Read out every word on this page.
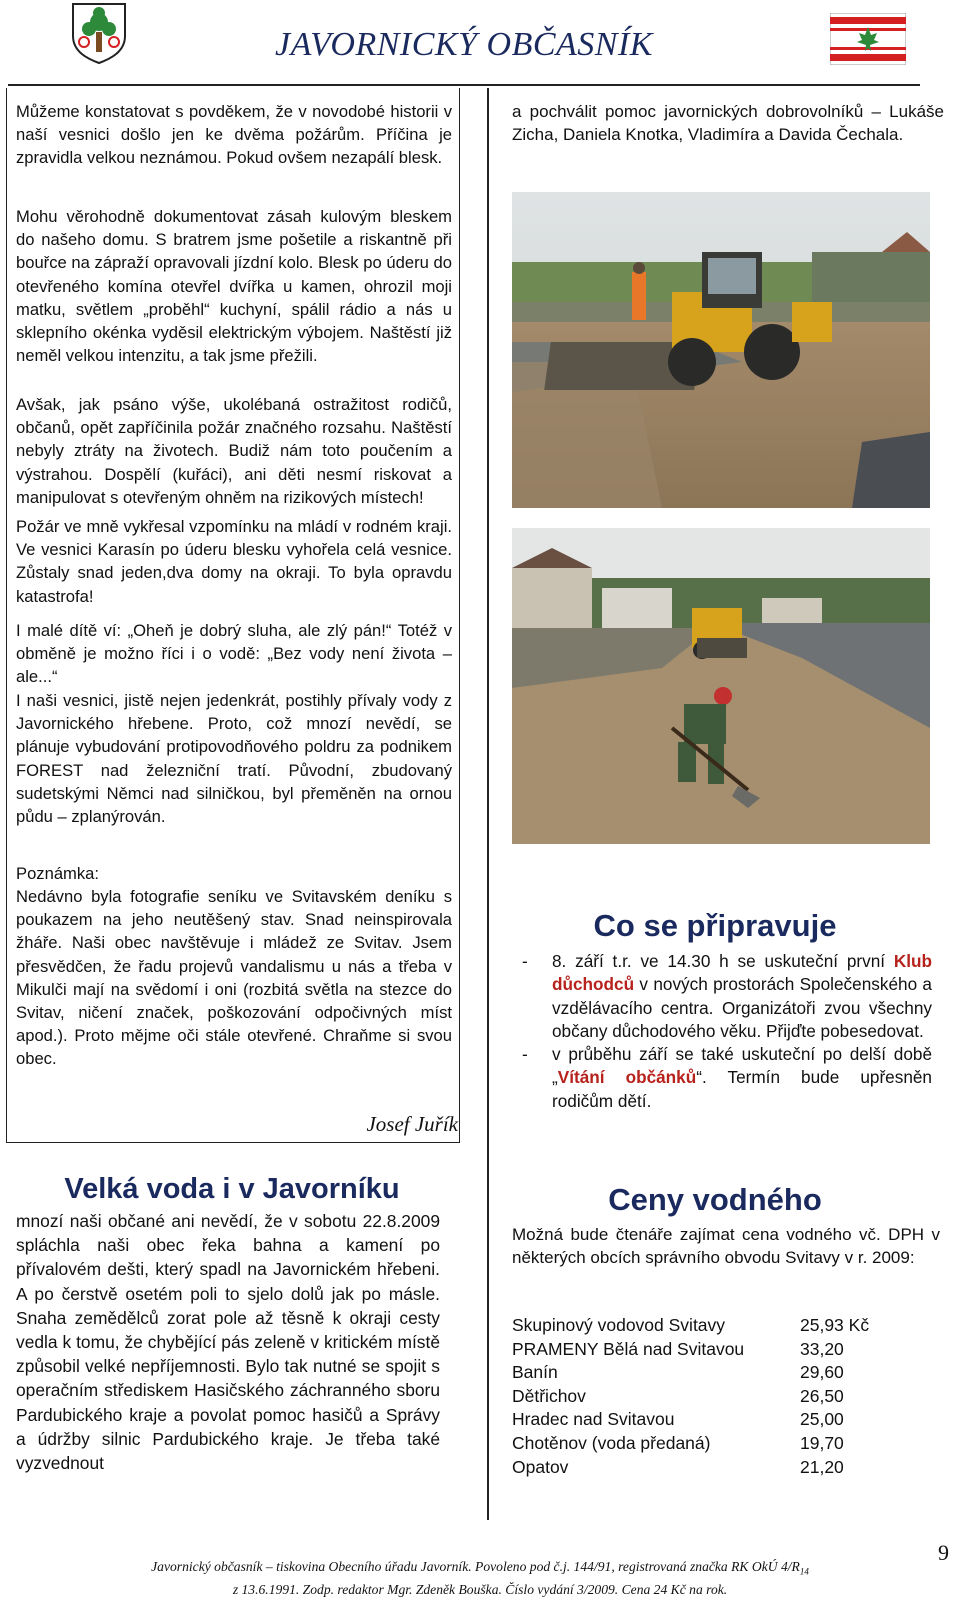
JAVORNICKÝ OBČASNÍK
Můžeme konstatovat s povděkem, že v novodobé historii v naší vesnici došlo jen ke dvěma požárům. Příčina je zpravidla velkou neznámou. Pokud ovšem nezapálí blesk.
Mohu věrohodně dokumentovat zásah kulovým bleskem do našeho domu. S bratrem jsme pošetile a riskantně při bouřce na zápraží opravovali jízdní kolo. Blesk po úderu do otevřeného komína otevřel dvířka u kamen, ohrozil moji matku, světlem „proběhl“ kuchyní, spálil rádio a nás u sklepního okénka vyděsil elektrickým výbojem. Naštěstí již neměl velkou intenzitu, a tak jsme přežili.
Avšak, jak psáno výše, ukolébaná ostražitost rodičů, občanů, opět zapříčinila požár značného rozsahu. Naštěstí nebyly ztráty na životech. Budiž nám toto poučením a výstrahou. Dospělí (kuřáci), ani děti nesmí riskovat a manipulovat s otevřeným ohněm na rizikových místech!
Požár ve mně vykřesal vzpomínku na mládí v rodném kraji. Ve vesnici Karasín po úderu blesku vyhořela celá vesnice. Zůstaly snad jeden,dva domy na okraji. To byla opravdu katastrofa!
I malé dítě ví: „Oheň je dobrý sluha, ale zlý pán!“ Totéž v obměně je možno říci i o vodě: „Bez vody není života – ale...“
I naši vesnici, jistě nejen jedenkrát, postihly přívaly vody z Javornického hřebene. Proto, což mnozí nevědí, se plánuje vybudování protipovodňového poldru za podnikem FOREST nad železniční tratí. Původní, zbudovaný sudetskými Němci nad silničkou, byl přeměněn na ornou půdu – zplanýrován.
Poznámka:
Nedávno byla fotografie seníku ve Svitavském deníku s poukazem na jeho neutěšený stav. Snad neinspirovala žháře. Naši obec navštěvuje i mládež ze Svitav. Jsem přesvědčen, že řadu projevů vandalismu u nás a třeba v Mikulči mají na svědomí i oni (rozbitá světla na stezce do Svitav, ničení značek, poškozování odpočivných míst apod.). Proto mějme oči stále otevřené. Chraňme si svou obec.
Josef Juřík
Velká voda i v Javorníku
mnozí naši občané ani nevědí, že v sobotu 22.8.2009 spláchla naši obec řeka bahna a kamení po přívalovém dešti, který spadl na Javornickém hřebeni. A po čerstvě osetém poli to sjelo dolů jak po másle. Snaha zemědělců zorat pole až těsně k okraji cesty vedla k tomu, že chybějící pás zeleně v kritickém místě způsobil velké nepříjemnosti. Bylo tak nutné se spojit s operačním střediskem Hasičského záchranného sboru Pardubického kraje a povolat pomoc hasičů a Správy a údržby silnic Pardubického kraje. Je třeba také vyzvednout
a pochválit pomoc javornických dobrovolníků – Lukáše Zicha, Daniela Knotka, Vladimíra a Davida Čechala.
Co se připravuje
- 8. září t.r. ve 14.30 h se uskuteční první Klub důchodců v nových prostorách Společenského a vzdělávacího centra. Organizátoři zvou všechny občany důchodového věku. Přijďte pobesedovat.
- v průběhu září se také uskuteční po delší době „Vítání občánků“. Termín bude upřesněn rodičům dětí.
Ceny vodného
Možná bude čtenáře zajímat cena vodného vč. DPH v některých obcích správního obvodu Svitavy v r. 2009:
Skupinový vodovod Svitavy	25,93 Kč
PRAMENY Bělá nad Svitavou	33,20
Banín	29,60
Dětřichov	26,50
Hradec nad Svitavou	25,00
Chotěnov (voda předaná)	19,70
Opatov	21,20
9
Javornický občasník – tiskovina Obecního úřadu Javorník. Povoleno pod č.j. 144/91, registrovaná značka RK OkÚ $4/R_{14}$
z 13.6.1991. Zodp. redaktor Mgr. Zdeněk Bouška. Číslo vydání 3/2009. Cena 24 Kč na rok.
